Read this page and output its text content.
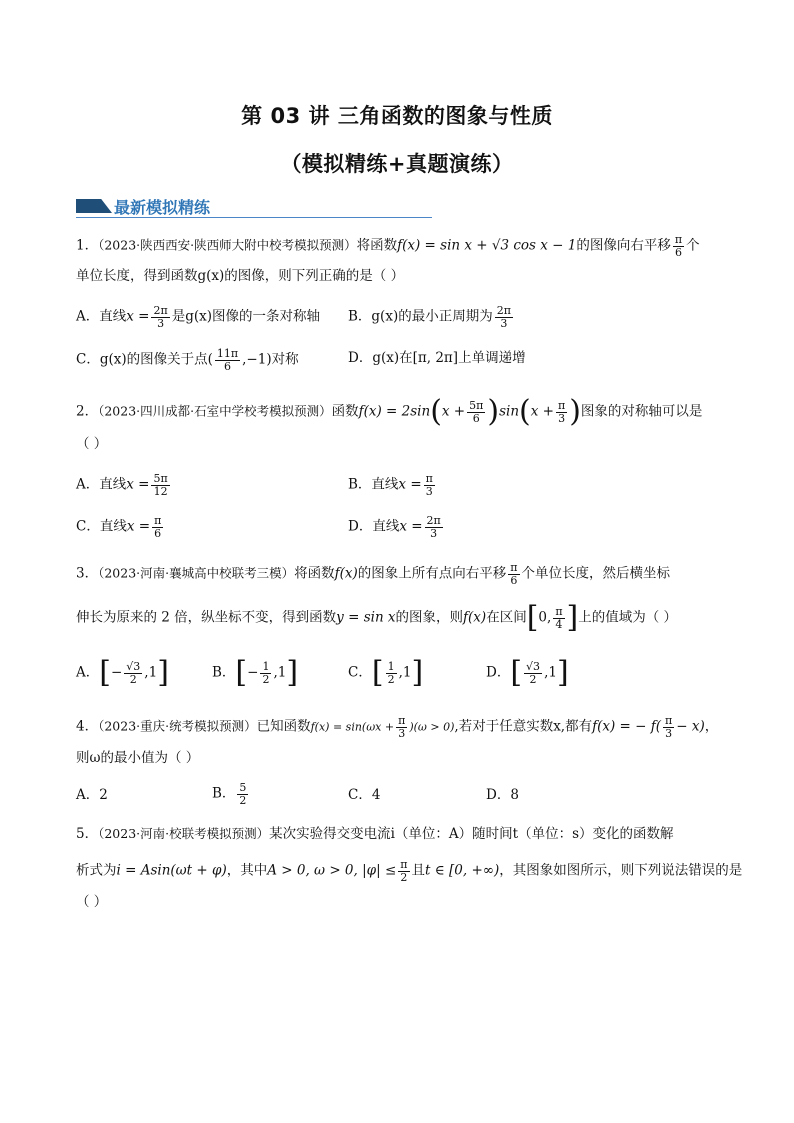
第 03 讲 三角函数的图象与性质
（模拟精练+真题演练）
最新模拟精练
1．（2023·陕西西安·陕西师大附中校考模拟预测）将函数f(x) = sin x + √3 cos x − 1的图像向右平移 $\frac{\pi}{6}$ 个
单位长度，得到函数g(x)的图像，则下列正确的是（ ）
A．直线$x = \frac{2\pi}{3}$ 是g(x)图像的一条对称轴 B．g(x)的最小正周期为 $\frac{2\pi}{3}$
C．g(x)的图像关于点( $\frac{11\pi}{6} ,-1$)对称	D．g(x)在[π, 2π]上单调递增
2．（2023·四川成都·石室中学校考模拟预测）函数$f(x) = 2\sin(x + \frac{5\pi}{6} )\sin(x + \frac{\pi}{3}$ )图象的对称轴可以是
（ ）
A．直线$x = \frac{5\pi}{12}$	B．直线$x = \frac{\pi}{3}$
C．直线$x = \frac{\pi}{6}$	D．直线$x = \frac{2\pi}{3}$
3．（2023·河南·襄城高中校联考三模）将函数f(x)的图象上所有点向右平移 $\frac{\pi}{6}$ 个单位长度，然后横坐标
伸长为原来的 2 倍，纵坐标不变，得到函数y = sin x的图象，则f(x)在区间[0, $\frac{\pi}{4}$ ]上的值域为（ ）
A．[− $\frac{√3}{2} ,1$]	B．[− $\frac{1}{2} ,1$]	C．[ $\frac{1}{2} ,1$]	D．[ $\frac{√3}{2} ,1$]
4．（2023·重庆·统考模拟预测）已知函数$f(x) = \sin(\omega x + \frac{\pi}{3} )(\omega > 0)$,若对于任意实数x,都有f(x) = − $f( \frac{\pi}{3} - x)$，
则ω的最小值为（ ）
A．2	B． $\frac{5}{2}$	C．4	D．8
5．（2023·河南·校联考模拟预测）某次实验得交变电流i（单位：A）随时间t（单位：s）变化的函数解
析式为i = Asin(ωt + φ)，其中A > 0, ω > 0, $|\varphi| \le \frac{\pi}{2}$ 且t ∈ [0, +∞)，其图象如图所示，则下列说法错误的是
（ ）
